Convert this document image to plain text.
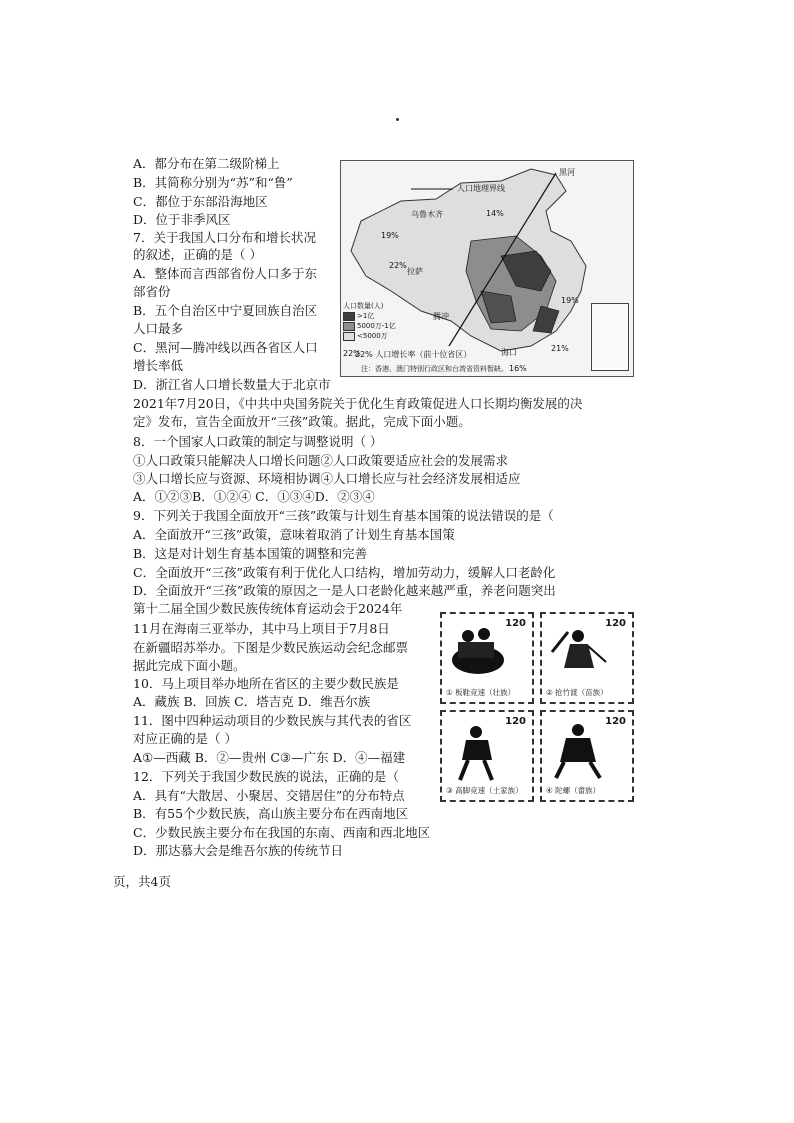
A．都分布在第二级阶梯上
B．其简称分别为“苏”和“鲁”
C．都位于东部沿海地区
D．位于非季风区
7．关于我国人口分布和增长状况
的叙述，正确的是（ ）
A．整体而言西部省份人口多于东
部省份
B．五个自治区中宁夏回族自治区
人口最多
C．黑河—腾冲线以西各省区人口
增长率低
D．浙江省人口增长数量大于北京市
人口地理界线
乌鲁木齐
拉萨
黑河
腾冲
海口
14%
19%
22%
19%
21%
22%
16%
人口数量(人)
>1亿
5000万-1亿
<5000万
22% 人口增长率（前十位省区）
注：香港、澳门特别行政区和台湾省资料暂缺。
2021年7月20日，《中共中央国务院关于优化生育政策促进人口长期均衡发展的决
定》发布，宣告全面放开“三孩”政策。据此，完成下面小题。
8．一个国家人口政策的制定与调整说明（ ）
①人口政策只能解决人口增长问题②人口政策要适应社会的发展需求
③人口增长应与资源、环境相协调④人口增长应与社会经济发展相适应
A．①②③B．①②④ C．①③④D．②③④
9．下列关于我国全面放开“三孩”政策与计划生育基本国策的说法错误的是（
A．全面放开“三孩”政策，意味着取消了计划生育基本国策
B．这是对计划生育基本国策的调整和完善
C．全面放开“三孩”政策有利于优化人口结构，增加劳动力，缓解人口老龄化
D．全面放开“三孩”政策的原因之一是人口老龄化越来越严重，养老问题突出
第十二届全国少数民族传统体育运动会于2024年
11月在海南三亚举办，其中马上项目于7月8日
在新疆昭苏举办。下图是少数民族运动会纪念邮票
据此完成下面小题。
10．马上项目举办地所在省区的主要少数民族是
A．藏族 B．回族 C．塔吉克 D．维吾尔族
11．图中四种运动项目的少数民族与其代表的省区
对应正确的是（ ）
A①—西藏 B．②—贵州 C③—广东 D．④—福建
12．下列关于我国少数民族的说法，正确的是（
A．具有“大散居、小聚居、交错居住”的分布特点
B．有55个少数民族，高山族主要分布在西南地区
C．少数民族主要分布在我国的东南、西南和西北地区
D．那达慕大会是维吾尔族的传统节日
120
① 板鞋竞速（壮族）
120
② 抢竹渡（苗族）
120
③ 高脚竞速（土家族）
120
④ 陀螺（畲族）
页，共4页
